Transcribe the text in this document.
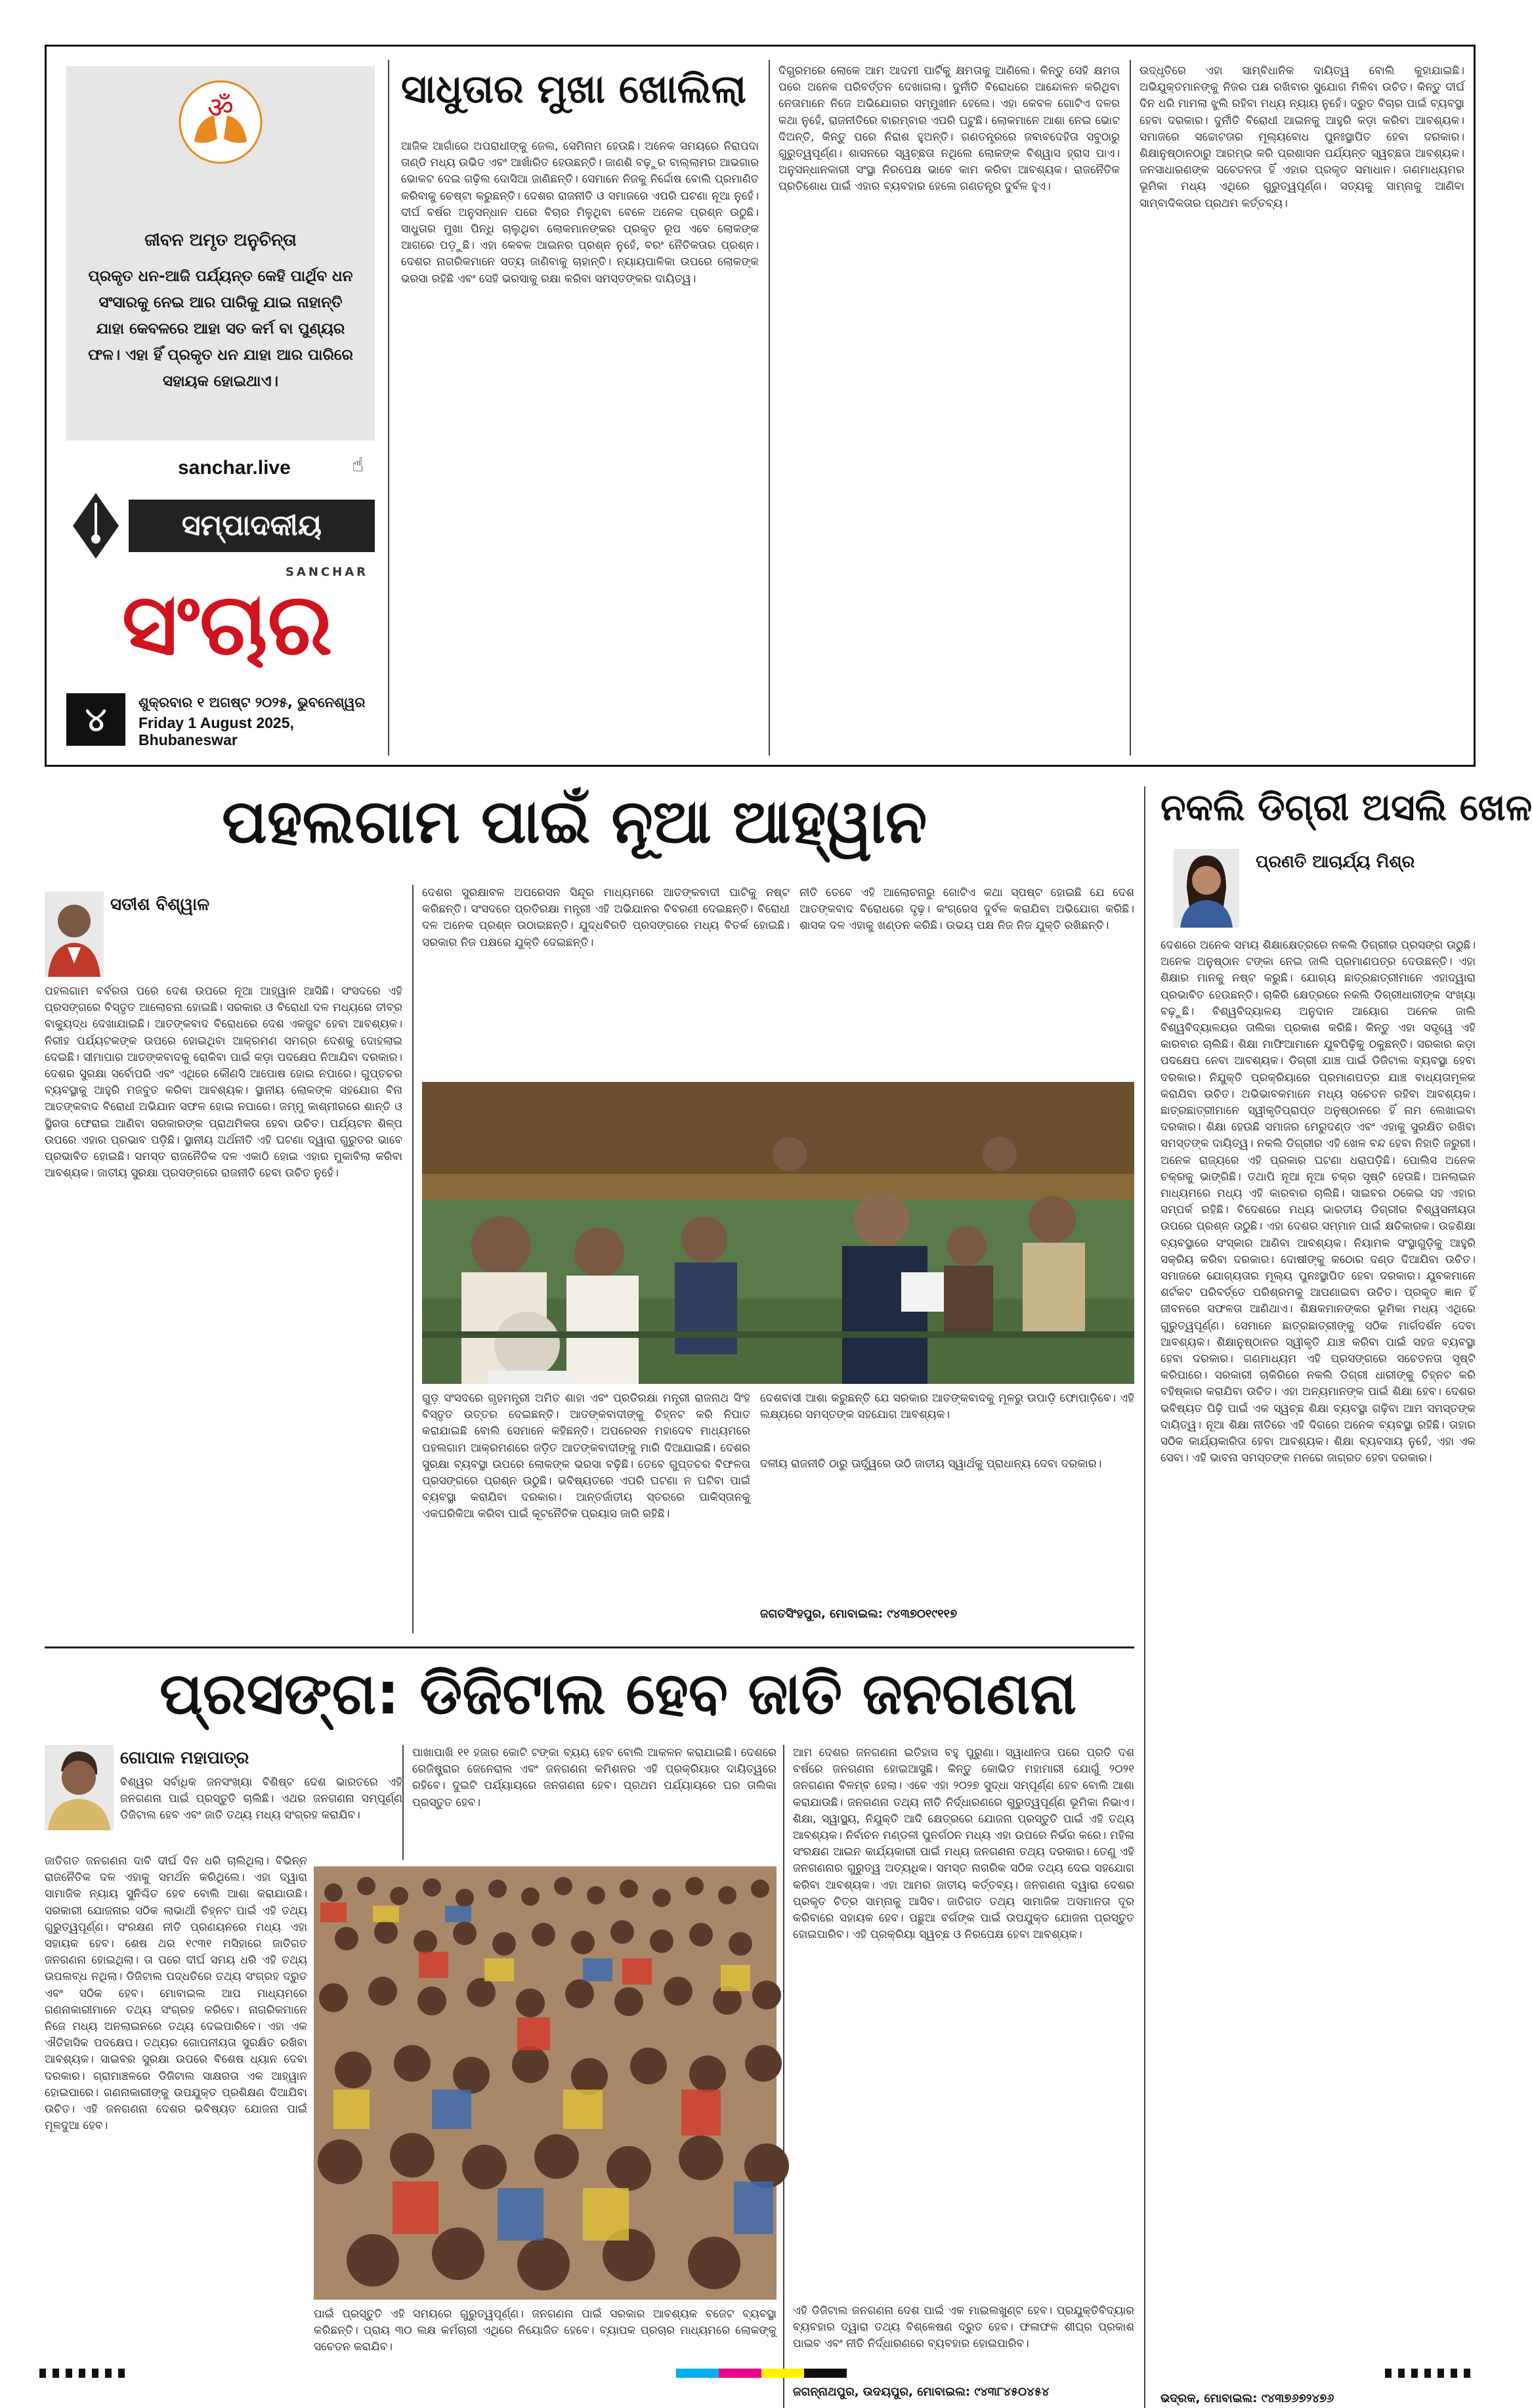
ॐ
ଜୀବନ ଅମୃତ ଅନୁଚିନ୍ତା
ପ୍ରକୃତ ଧନ-ଆଜି ପର୍ଯ୍ୟନ୍ତ କେହି ପାର୍ଥିବ ଧନ ସଂସାରକୁ ନେଇ ଆର ପାରିକୁ ଯାଇ ନାହାନ୍ତି ଯାହା କେବଳରେ ଆହା ସତ କର୍ମ ବା ପୁଣ୍ୟର ଫଳ। ଏହା ହିଁ ପ୍ରକୃତ ଧନ ଯାହା ଆର ପାରିରେ ସହାୟକ ହୋଇଥାଏ।
sanchar.live	☝
ସମ୍ପାଦକୀୟ
SANCHAR
ସଂଚାର
୪	ଶୁକ୍ରବାର ୧ ଅଗଷ୍ଟ ୨୦୨୫, ଭୁବନେଶ୍ୱର
Friday 1 August 2025,
Bhubaneswar
ସାଧୁତାର ମୁଖା ଖୋଲିଲା

ଆଜିକ ଆଗାଁରେ ଅପରାଧୀଙ୍କୁ ଜେଲ, ସେମିନାମ ହେଉଛି। ଅନେକ ସମୟରେ ନିରାପଦା ତାଣ୍ଡି ମଧ୍ୟ ଉଭିତ ଏବଂ ଆଖାଁରିତ ହେଉଛନ୍ତି। ଜାଣଶି ବଢ଼ୁର ବାଲ୍ଲାମର ଆଭଗାର ଭୋକଟ ଦେଇ ଗଢ଼ିଲ ଦୋସିଆ ଜାଣିଛନ୍ତି। ସେମାନେ ନିଜକୁ ନିର୍ଦ୍ଦୋଷ ବୋଲି ପ୍ରମାଣିତ କରିବାକୁ ଚେଷ୍ଟା କରୁଛନ୍ତି। ଦେଶର ରାଜନୀତି ଓ ସମାଜରେ ଏପରି ଘଟଣା ନୂଆ ନୁହେଁ। ଦୀର୍ଘ ବର୍ଷର ଅନୁସନ୍ଧାନ ପରେ ବିଚାର ମିଳୁଥିବା ବେଳେ ଅନେକ ପ୍ରଶ୍ନ ଉଠୁଛି। ସାଧୁତାର ମୁଖା ପିନ୍ଧି ଚାଲୁଥିବା ଲୋକମାନଙ୍କର ପ୍ରକୃତ ରୂପ ଏବେ ଲୋକଙ୍କ ଆଗରେ ପଡ଼ୁଛି। ଏହା କେବଳ ଆଇନର ପ୍ରଶ୍ନ ନୁହେଁ, ବରଂ ନୈତିକତାର ପ୍ରଶ୍ନ। ଦେଶର ନାଗରିକମାନେ ସତ୍ୟ ଜାଣିବାକୁ ଚାହାନ୍ତି। ନ୍ୟାୟପାଳିକା ଉପରେ ଲୋକଙ୍କ ଭରସା ରହିଛି ଏବଂ ସେହି ଭରସାକୁ ରକ୍ଷା କରିବା ସମସ୍ତଙ୍କର ଦାୟିତ୍ୱ।

ଦିଗ୍ଭ୍ରମରେ ଲୋକେ ଆମ ଆଦମୀ ପାର୍ଟିକୁ କ୍ଷମତାକୁ ଆଣିଲେ। କିନ୍ତୁ ସେହି କ୍ଷମତା ପରେ ଅନେକ ପରିବର୍ତ୍ତନ ଦେଖାଗଲା। ଦୁର୍ନୀତି ବିରୋଧରେ ଆନ୍ଦୋଳନ କରିଥିବା ନେତାମାନେ ନିଜେ ଅଭିଯୋଗର ସମ୍ମୁଖୀନ ହେଲେ। ଏହା କେବଳ ଗୋଟିଏ ଦଳର କଥା ନୁହେଁ, ରାଜନୀତିରେ ବାରମ୍ବାର ଏପରି ଘଟୁଛି। ଲୋକମାନେ ଆଶା ନେଇ ଭୋଟ ଦିଅନ୍ତି, କିନ୍ତୁ ପରେ ନିରାଶ ହୁଅନ୍ତି। ଗଣତନ୍ତ୍ରରେ ଜବାବଦେହିତା ସବୁଠାରୁ ଗୁରୁତ୍ୱପୂର୍ଣ୍ଣ। ଶାସନରେ ସ୍ୱଚ୍ଛତା ନଥିଲେ ଲୋକଙ୍କ ବିଶ୍ୱାସ ହ୍ରାସ ପାଏ। ଅନୁସନ୍ଧାନକାରୀ ସଂସ୍ଥା ନିରପେକ୍ଷ ଭାବେ କାମ କରିବା ଆବଶ୍ୟକ। ରାଜନୈତିକ ପ୍ରତିଶୋଧ ପାଇଁ ଏହାର ବ୍ୟବହାର ହେଲେ ଗଣତନ୍ତ୍ର ଦୁର୍ବଳ ହୁଏ।

ଉଦ୍ଧୃତିରେ ଏହା ସାମ୍ବିଧାନିକ ଦାୟିତ୍ୱ ବୋଲି କୁହାଯାଇଛି। ଅଭିଯୁକ୍ତମାନଙ୍କୁ ନିଜର ପକ୍ଷ ରଖିବାର ସୁଯୋଗ ମିଳିବା ଉଚିତ। କିନ୍ତୁ ଦୀର୍ଘ ଦିନ ଧରି ମାମଲା ଝୁଲି ରହିବା ମଧ୍ୟ ନ୍ୟାୟ ନୁହେଁ। ଦ୍ରୁତ ବିଚାର ପାଇଁ ବ୍ୟବସ୍ଥା ହେବା ଦରକାର। ଦୁର୍ନୀତି ବିରୋଧୀ ଆଇନକୁ ଆହୁରି କଡ଼ା କରିବା ଆବଶ୍ୟକ। ସମାଜରେ ସଚ୍ଚୋଟତାର ମୂଲ୍ୟବୋଧ ପୁନଃସ୍ଥାପିତ ହେବା ଦରକାର। ଶିକ୍ଷାନୁଷ୍ଠାନଠାରୁ ଆରମ୍ଭ କରି ପ୍ରଶାସନ ପର୍ଯ୍ୟନ୍ତ ସ୍ୱଚ୍ଛତା ଆବଶ୍ୟକ। ଜନସାଧାରଣଙ୍କ ସଚେତନତା ହିଁ ଏହାର ପ୍ରକୃତ ସମାଧାନ। ଗଣମାଧ୍ୟମର ଭୂମିକା ମଧ୍ୟ ଏଥିରେ ଗୁରୁତ୍ୱପୂର୍ଣ୍ଣ। ସତ୍ୟକୁ ସାମ୍ନାକୁ ଆଣିବା ସାମ୍ବାଦିକତାର ପ୍ରଥମ କର୍ତ୍ତବ୍ୟ।

ପହଲଗାମ ପାଇଁ ନୂଆ ଆହ୍ୱାନ
ସତୀଶ ବିଶ୍ୱାଳ

ପହଲଗାମ ବର୍ବରତା ପରେ ଦେଶ ଉପରେ ନୂଆ ଆହ୍ୱାନ ଆସିଛି। ସଂସଦରେ ଏହି ପ୍ରସଙ୍ଗରେ ବିସ୍ତୃତ ଆଲୋଚନା ହୋଇଛି। ସରକାର ଓ ବିରୋଧୀ ଦଳ ମଧ୍ୟରେ ତୀବ୍ର ବାକ୍ୟୁଦ୍ଧ ଦେଖାଯାଇଛି। ଆତଙ୍କବାଦ ବିରୋଧରେ ଦେଶ ଏକଜୁଟ ହେବା ଆବଶ୍ୟକ। ନିରୀହ ପର୍ଯ୍ୟଟକଙ୍କ ଉପରେ ହୋଇଥିବା ଆକ୍ରମଣ ସମଗ୍ର ଦେଶକୁ ଦୋହଲାଇ ଦେଇଛି। ସୀମାପାର ଆତଙ୍କବାଦକୁ ରୋକିବା ପାଇଁ କଡ଼ା ପଦକ୍ଷେପ ନିଆଯିବା ଦରକାର। ଦେଶର ସୁରକ୍ଷା ସର୍ବୋପରି ଏବଂ ଏଥିରେ କୌଣସି ଆପୋଷ ହୋଇ ନପାରେ। ଗୁପ୍ତଚର ବ୍ୟବସ୍ଥାକୁ ଆହୁରି ମଜବୁତ କରିବା ଆବଶ୍ୟକ। ସ୍ଥାନୀୟ ଲୋକଙ୍କ ସହଯୋଗ ବିନା ଆତଙ୍କବାଦ ବିରୋଧୀ ଅଭିଯାନ ସଫଳ ହୋଇ ନପାରେ। ଜମ୍ମୁ କାଶ୍ମୀରରେ ଶାନ୍ତି ଓ ସ୍ଥିରତା ଫେରାଇ ଆଣିବା ସରକାରଙ୍କ ପ୍ରାଥମିକତା ହେବା ଉଚିତ। ପର୍ଯ୍ୟଟନ ଶିଳ୍ପ ଉପରେ ଏହାର ପ୍ରଭାବ ପଡ଼ିଛି। ସ୍ଥାନୀୟ ଅର୍ଥନୀତି ଏହି ଘଟଣା ଦ୍ୱାରା ଗୁରୁତର ଭାବେ ପ୍ରଭାବିତ ହୋଇଛି। ସମସ୍ତ ରାଜନୈତିକ ଦଳ ଏକାଠି ହୋଇ ଏହାର ମୁକାବିଲା କରିବା ଆବଶ୍ୟକ। ଜାତୀୟ ସୁରକ୍ଷା ପ୍ରସଙ୍ଗରେ ରାଜନୀତି ହେବା ଉଚିତ ନୁହେଁ।

ଦେଶର ସୁରକ୍ଷାବଳ ଅପରେସନ ସିନ୍ଦୂର ମାଧ୍ୟମରେ ଆତଙ୍କବାଦୀ ଘାଟିକୁ ନଷ୍ଟ କରିଛନ୍ତି। ସଂସଦରେ ପ୍ରତିରକ୍ଷା ମନ୍ତ୍ରୀ ଏହି ଅଭିଯାନର ବିବରଣୀ ଦେଇଛନ୍ତି। ବିରୋଧୀ ଦଳ ଅନେକ ପ୍ରଶ୍ନ ଉଠାଇଛନ୍ତି। ଯୁଦ୍ଧବିରତି ପ୍ରସଙ୍ଗରେ ମଧ୍ୟ ବିତର୍କ ହୋଇଛି। ସରକାର ନିଜ ପକ୍ଷରେ ଯୁକ୍ତି ଦେଇଛନ୍ତି।

ନୀତି ତେବେ ଏହି ଆଲୋଚନାରୁ ଗୋଟିଏ କଥା ସ୍ପଷ୍ଟ ହୋଇଛି ଯେ ଦେଶ ଆତଙ୍କବାଦ ବିରୋଧରେ ଦୃଢ଼। କଂଗ୍ରେସ ଦୁର୍ବଳ କରାଯିବା ଅଭିଯୋଗ କରିଛି। ଶାସକ ଦଳ ଏହାକୁ ଖଣ୍ଡନ କରିଛି। ଉଭୟ ପକ୍ଷ ନିଜ ନିଜ ଯୁକ୍ତି ରଖିଛନ୍ତି।

ଗୁଡ଼ ସଂସଦରେ ଗୃହମନ୍ତ୍ରୀ ଅମିତ ଶାହା ଏବଂ ପ୍ରତିରକ୍ଷା ମନ୍ତ୍ରୀ ରାଜନାଥ ସିଂହ ବିସ୍ତୃତ ଉତ୍ତର ଦେଇଛନ୍ତି। ଆତଙ୍କବାଦୀଙ୍କୁ ଚିହ୍ନଟ କରି ନିପାତ କରାଯାଇଛି ବୋଲି ସେମାନେ କହିଛନ୍ତି। ଅପରେସନ ମହାଦେବ ମାଧ୍ୟମରେ ପହଲଗାମ ଆକ୍ରମଣରେ ଜଡ଼ିତ ଆତଙ୍କବାଦୀଙ୍କୁ ମାରି ଦିଆଯାଇଛି। ଦେଶର ସୁରକ୍ଷା ବ୍ୟବସ୍ଥା ଉପରେ ଲୋକଙ୍କ ଭରସା ବଢ଼ିଛି। ତେବେ ଗୁପ୍ତଚର ବିଫଳତା ପ୍ରସଙ୍ଗରେ ପ୍ରଶ୍ନ ଉଠୁଛି। ଭବିଷ୍ୟତରେ ଏପରି ଘଟଣା ନ ଘଟିବା ପାଇଁ ବ୍ୟବସ୍ଥା କରାଯିବା ଦରକାର। ଆନ୍ତର୍ଜାତୀୟ ସ୍ତରରେ ପାକିସ୍ତାନକୁ ଏକଘରିକିଆ କରିବା ପାଇଁ କୂଟନୈତିକ ପ୍ରୟାସ ଜାରି ରହିଛି।

ଦେଶବାସୀ ଆଶା କରୁଛନ୍ତି ଯେ ସରକାର ଆତଙ୍କବାଦକୁ ମୂଳରୁ ଉପାଡ଼ି ଫୋପାଡ଼ିବେ। ଏହି ଲକ୍ଷ୍ୟରେ ସମସ୍ତଙ୍କ ସହଯୋଗ ଆବଶ୍ୟକ।

ଦଳୀୟ ରାଜନୀତି ଠାରୁ ଊର୍ଦ୍ଧ୍ୱରେ ଉଠି ଜାତୀୟ ସ୍ୱାର୍ଥକୁ ପ୍ରାଧାନ୍ୟ ଦେବା ଦରକାର।

ଜଗତସିଂହପୁର, ମୋବାଇଲ: ୯୪୩୭୦୧୯୧୧୭
ନକଲି ଡିଗ୍ରୀ ଅସଲି ଖେଳ
ପ୍ରଣତି ଆଚାର୍ଯ୍ୟ ମିଶ୍ର

ଦେଶରେ ଅନେକ ସମୟ ଶିକ୍ଷାକ୍ଷେତ୍ରରେ ନକଲି ଡିଗ୍ରୀର ପ୍ରସଙ୍ଗ ଉଠୁଛି। ଅନେକ ଅନୁଷ୍ଠାନ ଟଙ୍କା ନେଇ ଜାଲି ପ୍ରମାଣପତ୍ର ଦେଉଛନ୍ତି। ଏହା ଶିକ୍ଷାର ମାନକୁ ନଷ୍ଟ କରୁଛି। ଯୋଗ୍ୟ ଛାତ୍ରଛାତ୍ରୀମାନେ ଏହାଦ୍ୱାରା ପ୍ରଭାବିତ ହେଉଛନ୍ତି। ଚାକିରି କ୍ଷେତ୍ରରେ ନକଲି ଡିଗ୍ରୀଧାରୀଙ୍କ ସଂଖ୍ୟା ବଢ଼ୁଛି। ବିଶ୍ୱବିଦ୍ୟାଳୟ ଅନୁଦାନ ଆୟୋଗ ଅନେକ ଜାଲି ବିଶ୍ୱବିଦ୍ୟାଳୟର ତାଲିକା ପ୍ରକାଶ କରିଛି। କିନ୍ତୁ ଏହା ସତ୍ତ୍ୱେ ଏହି କାରବାର ଚାଲିଛି। ଶିକ୍ଷା ମାଫିଆମାନେ ଯୁବପିଢ଼ିକୁ ଠକୁଛନ୍ତି। ସରକାର କଡ଼ା ପଦକ୍ଷେପ ନେବା ଆବଶ୍ୟକ। ଡିଗ୍ରୀ ଯାଞ୍ଚ ପାଇଁ ଡିଜିଟାଲ ବ୍ୟବସ୍ଥା ହେବା ଦରକାର। ନିଯୁକ୍ତି ପ୍ରକ୍ରିୟାରେ ପ୍ରମାଣପତ୍ର ଯାଞ୍ଚ ବାଧ୍ୟତାମୂଳକ କରାଯିବା ଉଚିତ। ଅଭିଭାବକମାନେ ମଧ୍ୟ ସଚେତନ ରହିବା ଆବଶ୍ୟକ। ଛାତ୍ରଛାତ୍ରୀମାନେ ସ୍ୱୀକୃତିପ୍ରାପ୍ତ ଅନୁଷ୍ଠାନରେ ହିଁ ନାମ ଲେଖାଇବା ଦରକାର। ଶିକ୍ଷା ହେଉଛି ସମାଜର ମେରୁଦଣ୍ଡ ଏବଂ ଏହାକୁ ସୁରକ୍ଷିତ ରଖିବା ସମସ୍ତଙ୍କ ଦାୟିତ୍ୱ। ନକଲି ଡିଗ୍ରୀର ଏହି ଖେଳ ବନ୍ଦ ହେବା ନିହାତି ଜରୁରୀ। ଅନେକ ରାଜ୍ୟରେ ଏହି ପ୍ରକାର ଘଟଣା ଧରାପଡ଼ିଛି। ପୋଲିସ ଅନେକ ଚକ୍ରକୁ ଭାଙ୍ଗିଛି। ତଥାପି ନୂଆ ନୂଆ ଚକ୍ର ସୃଷ୍ଟି ହେଉଛି। ଅନଲାଇନ ମାଧ୍ୟମରେ ମଧ୍ୟ ଏହି କାରବାର ଚାଲିଛି। ସାଇବର ଠକେଇ ସହ ଏହାର ସମ୍ପର୍କ ରହିଛି। ବିଦେଶରେ ମଧ୍ୟ ଭାରତୀୟ ଡିଗ୍ରୀର ବିଶ୍ୱସନୀୟତା ଉପରେ ପ୍ରଶ୍ନ ଉଠୁଛି। ଏହା ଦେଶର ସମ୍ମାନ ପାଇଁ କ୍ଷତିକାରକ। ଉଚ୍ଚଶିକ୍ଷା ବ୍ୟବସ୍ଥାରେ ସଂସ୍କାର ଆଣିବା ଆବଶ୍ୟକ। ନିୟାମକ ସଂସ୍ଥାଗୁଡ଼ିକୁ ଆହୁରି ସକ୍ରିୟ କରିବା ଦରକାର। ଦୋଷୀଙ୍କୁ କଠୋର ଦଣ୍ଡ ଦିଆଯିବା ଉଚିତ। ସମାଜରେ ଯୋଗ୍ୟତାର ମୂଲ୍ୟ ପୁନଃସ୍ଥାପିତ ହେବା ଦରକାର। ଯୁବକମାନେ ଶର୍ଟକଟ ପରିବର୍ତ୍ତେ ପରିଶ୍ରମକୁ ଆପଣାଇବା ଉଚିତ। ପ୍ରକୃତ ଜ୍ଞାନ ହିଁ ଜୀବନରେ ସଫଳତା ଆଣିଥାଏ। ଶିକ୍ଷକମାନଙ୍କର ଭୂମିକା ମଧ୍ୟ ଏଥିରେ ଗୁରୁତ୍ୱପୂର୍ଣ୍ଣ। ସେମାନେ ଛାତ୍ରଛାତ୍ରୀଙ୍କୁ ସଠିକ ମାର୍ଗଦର୍ଶନ ଦେବା ଆବଶ୍ୟକ। ଶିକ୍ଷାନୁଷ୍ଠାନର ସ୍ୱୀକୃତି ଯାଞ୍ଚ କରିବା ପାଇଁ ସହଜ ବ୍ୟବସ୍ଥା ହେବା ଦରକାର। ଗଣମାଧ୍ୟମ ଏହି ପ୍ରସଙ୍ଗରେ ସଚେତନତା ସୃଷ୍ଟି କରିପାରେ। ସରକାରୀ ଚାକିରିରେ ନକଲି ଡିଗ୍ରୀ ଧାରୀଙ୍କୁ ଚିହ୍ନଟ କରି ବହିଷ୍କାର କରାଯିବା ଉଚିତ। ଏହା ଅନ୍ୟମାନଙ୍କ ପାଇଁ ଶିକ୍ଷା ହେବ। ଦେଶର ଭବିଷ୍ୟତ ପିଢ଼ି ପାଇଁ ଏକ ସ୍ୱଚ୍ଛ ଶିକ୍ଷା ବ୍ୟବସ୍ଥା ଗଢ଼ିବା ଆମ ସମସ୍ତଙ୍କ ଦାୟିତ୍ୱ। ନୂଆ ଶିକ୍ଷା ନୀତିରେ ଏହି ଦିଗରେ ଅନେକ ବ୍ୟବସ୍ଥା ରହିଛି। ତାହାର ସଠିକ କାର୍ଯ୍ୟକାରିତା ହେବା ଆବଶ୍ୟକ। ଶିକ୍ଷା ବ୍ୟବସାୟ ନୁହେଁ, ଏହା ଏକ ସେବା। ଏହି ଭାବନା ସମସ୍ତଙ୍କ ମନରେ ଜାଗ୍ରତ ହେବା ଦରକାର।

ଭଦ୍ରକ, ମୋବାଇଲ: ୯୪୩୭୬୭୨୪୭୬
ପ୍ରସଙ୍ଗ: ଡିଜିଟାଲ ହେବ ଜାତି ଜନଗଣନା
ଗୋପାଳ ମହାପାତ୍ର

ବିଶ୍ୱର ସର୍ବାଧିକ ଜନସଂଖ୍ୟା ବିଶିଷ୍ଟ ଦେଶ ଭାରତରେ ଏହି ଜନଗଣନା ପାଇଁ ପ୍ରସ୍ତୁତି ଚାଲିଛି। ଏଥର ଜନଗଣନା ସମ୍ପୂର୍ଣ୍ଣ ଡିଜିଟାଲ ହେବ ଏବଂ ଜାତି ତଥ୍ୟ ମଧ୍ୟ ସଂଗ୍ରହ କରାଯିବ।

ଜାତିଗତ ଜନଗଣନା ଦାବି ଦୀର୍ଘ ଦିନ ଧରି ଚାଲିଥିଲା। ବିଭିନ୍ନ ରାଜନୈତିକ ଦଳ ଏହାକୁ ସମର୍ଥନ କରିଥିଲେ। ଏହା ଦ୍ୱାରା ସାମାଜିକ ନ୍ୟାୟ ସୁନିଶ୍ଚିତ ହେବ ବୋଲି ଆଶା କରାଯାଉଛି। ସରକାରୀ ଯୋଜନାର ସଠିକ ଲାଭାର୍ଥୀ ଚିହ୍ନଟ ପାଇଁ ଏହି ତଥ୍ୟ ଗୁରୁତ୍ୱପୂର୍ଣ୍ଣ। ସଂରକ୍ଷଣ ନୀତି ପ୍ରଣୟନରେ ମଧ୍ୟ ଏହା ସହାୟକ ହେବ। ଶେଷ ଥର ୧୯୩୧ ମସିହାରେ ଜାତିଗତ ଜନଗଣନା ହୋଇଥିଲା। ତା ପରେ ଦୀର୍ଘ ସମୟ ଧରି ଏହି ତଥ୍ୟ ଉପଲବ୍ଧ ନଥିଲା। ଡିଜିଟାଲ ପଦ୍ଧତିରେ ତଥ୍ୟ ସଂଗ୍ରହ ଦ୍ରୁତ ଏବଂ ସଠିକ ହେବ। ମୋବାଇଲ ଆପ ମାଧ୍ୟମରେ ଗଣନାକାରୀମାନେ ତଥ୍ୟ ସଂଗ୍ରହ କରିବେ। ନାଗରିକମାନେ ନିଜେ ମଧ୍ୟ ଅନଲାଇନରେ ତଥ୍ୟ ଦେଇପାରିବେ। ଏହା ଏକ ଐତିହାସିକ ପଦକ୍ଷେପ। ତଥ୍ୟର ଗୋପନୀୟତା ସୁରକ୍ଷିତ ରଖିବା ଆବଶ୍ୟକ। ସାଇବର ସୁରକ୍ଷା ଉପରେ ବିଶେଷ ଧ୍ୟାନ ଦେବା ଦରକାର। ଗ୍ରାମାଞ୍ଚଳରେ ଡିଜିଟାଲ ସାକ୍ଷରତା ଏକ ଆହ୍ୱାନ ହୋଇପାରେ। ଗଣନାକାରୀଙ୍କୁ ଉପଯୁକ୍ତ ପ୍ରଶିକ୍ଷଣ ଦିଆଯିବା ଉଚିତ। ଏହି ଜନଗଣନା ଦେଶର ଭବିଷ୍ୟତ ଯୋଜନା ପାଇଁ ମୂଳଦୁଆ ହେବ।

ପାଖାପାଖି ୧୧ ହଜାର କୋଟି ଟଙ୍କା ବ୍ୟୟ ହେବ ବୋଲି ଆକଳନ କରାଯାଇଛି। ଦେଶରେ ରେଜିଷ୍ଟ୍ରାର ଜେନେରାଲ ଏବଂ ଜନଗଣନା କମିଶନର ଏହି ପ୍ରକ୍ରିୟାର ଦାୟିତ୍ୱରେ ରହିବେ। ଦୁଇଟି ପର୍ଯ୍ୟାୟରେ ଜନଗଣନା ହେବ। ପ୍ରଥମ ପର୍ଯ୍ୟାୟରେ ଘର ତାଲିକା ପ୍ରସ୍ତୁତ ହେବ।

ଆମ ଦେଶର ଜନଗଣନା ଇତିହାସ ବହୁ ପୁରୁଣା। ସ୍ୱାଧୀନତା ପରେ ପ୍ରତି ଦଶ ବର୍ଷରେ ଜନଗଣନା ହୋଇଆସୁଛି। କିନ୍ତୁ କୋଭିଡ ମହାମାରୀ ଯୋଗୁଁ ୨୦୨୧ ଜନଗଣନା ବିଳମ୍ବ ହେଲା। ଏବେ ଏହା ୨୦୨୭ ସୁଦ୍ଧା ସମ୍ପୂର୍ଣ୍ଣ ହେବ ବୋଲି ଆଶା କରାଯାଉଛି। ଜନଗଣନା ତଥ୍ୟ ନୀତି ନିର୍ଦ୍ଧାରଣରେ ଗୁରୁତ୍ୱପୂର୍ଣ୍ଣ ଭୂମିକା ନିଭାଏ। ଶିକ୍ଷା, ସ୍ୱାସ୍ଥ୍ୟ, ନିଯୁକ୍ତି ଆଦି କ୍ଷେତ୍ରରେ ଯୋଜନା ପ୍ରସ୍ତୁତି ପାଇଁ ଏହି ତଥ୍ୟ ଆବଶ୍ୟକ। ନିର୍ବାଚନ ମଣ୍ଡଳୀ ପୁନର୍ଗଠନ ମଧ୍ୟ ଏହା ଉପରେ ନିର୍ଭର କରେ। ମହିଳା ସଂରକ୍ଷଣ ଆଇନ କାର୍ଯ୍ୟକାରୀ ପାଇଁ ମଧ୍ୟ ଜନଗଣନା ତଥ୍ୟ ଦରକାର। ତେଣୁ ଏହି ଜନଗଣନାର ଗୁରୁତ୍ୱ ଅତ୍ୟଧିକ। ସମସ୍ତ ନାଗରିକ ସଠିକ ତଥ୍ୟ ଦେଇ ସହଯୋଗ କରିବା ଆବଶ୍ୟକ। ଏହା ଆମର ଜାତୀୟ କର୍ତ୍ତବ୍ୟ। ଜନଗଣନା ଦ୍ୱାରା ଦେଶର ପ୍ରକୃତ ଚିତ୍ର ସାମ୍ନାକୁ ଆସିବ। ଜାତିଗତ ତଥ୍ୟ ସାମାଜିକ ଅସମାନତା ଦୂର କରିବାରେ ସହାୟକ ହେବ। ପଛୁଆ ବର୍ଗଙ୍କ ପାଇଁ ଉପଯୁକ୍ତ ଯୋଜନା ପ୍ରସ୍ତୁତ ହୋଇପାରିବ। ଏହି ପ୍ରକ୍ରିୟା ସ୍ୱଚ୍ଛ ଓ ନିରପେକ୍ଷ ହେବା ଆବଶ୍ୟକ।

ପାଇଁ ପ୍ରସ୍ତୁତି ଏହି ସମୟରେ ଗୁରୁତ୍ୱପୂର୍ଣ୍ଣ। ଜନଗଣନା ପାଇଁ ସରକାର ଆବଶ୍ୟକ ବଜେଟ ବ୍ୟବସ୍ଥା କରିଛନ୍ତି। ପ୍ରାୟ ୩୦ ଲକ୍ଷ କର୍ମଚାରୀ ଏଥିରେ ନିୟୋଜିତ ହେବେ। ବ୍ୟାପକ ପ୍ରଚାର ମାଧ୍ୟମରେ ଲୋକଙ୍କୁ ସଚେତନ କରାଯିବ।

ଏହି ଡିଜିଟାଲ ଜନଗଣନା ଦେଶ ପାଇଁ ଏକ ମାଇଲଖୁଣ୍ଟ ହେବ। ପ୍ରଯୁକ୍ତିବିଦ୍ୟାର ବ୍ୟବହାର ଦ୍ୱାରା ତଥ୍ୟ ବିଶ୍ଳେଷଣ ଦ୍ରୁତ ହେବ। ଫଳାଫଳ ଶୀଘ୍ର ପ୍ରକାଶ ପାଇବ ଏବଂ ନୀତି ନିର୍ଦ୍ଧାରଣରେ ବ୍ୟବହାର ହୋଇପାରିବ।

ଜଗନ୍ନାଥପୁର, ଉଦୟପୁର, ମୋବାଇଲ: ୯୪୩୮୪୫୦୪୫୪
